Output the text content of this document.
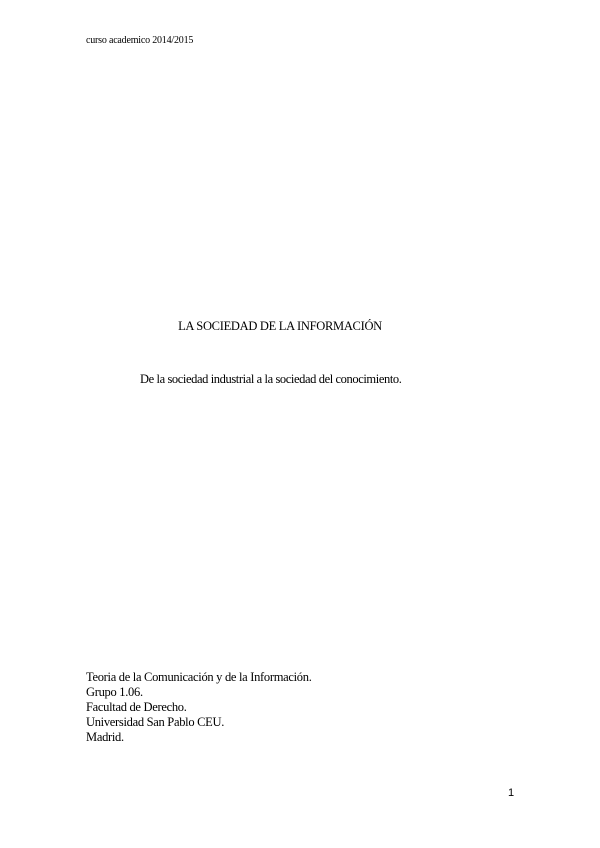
curso academico 2014/2015
LA SOCIEDAD DE LA INFORMACIÓN
De la sociedad industrial a la sociedad del conocimiento.
Teoria de la Comunicación y de la Información.
Grupo 1.06.
Facultad de Derecho.
Universidad San Pablo CEU.
Madrid.
1
